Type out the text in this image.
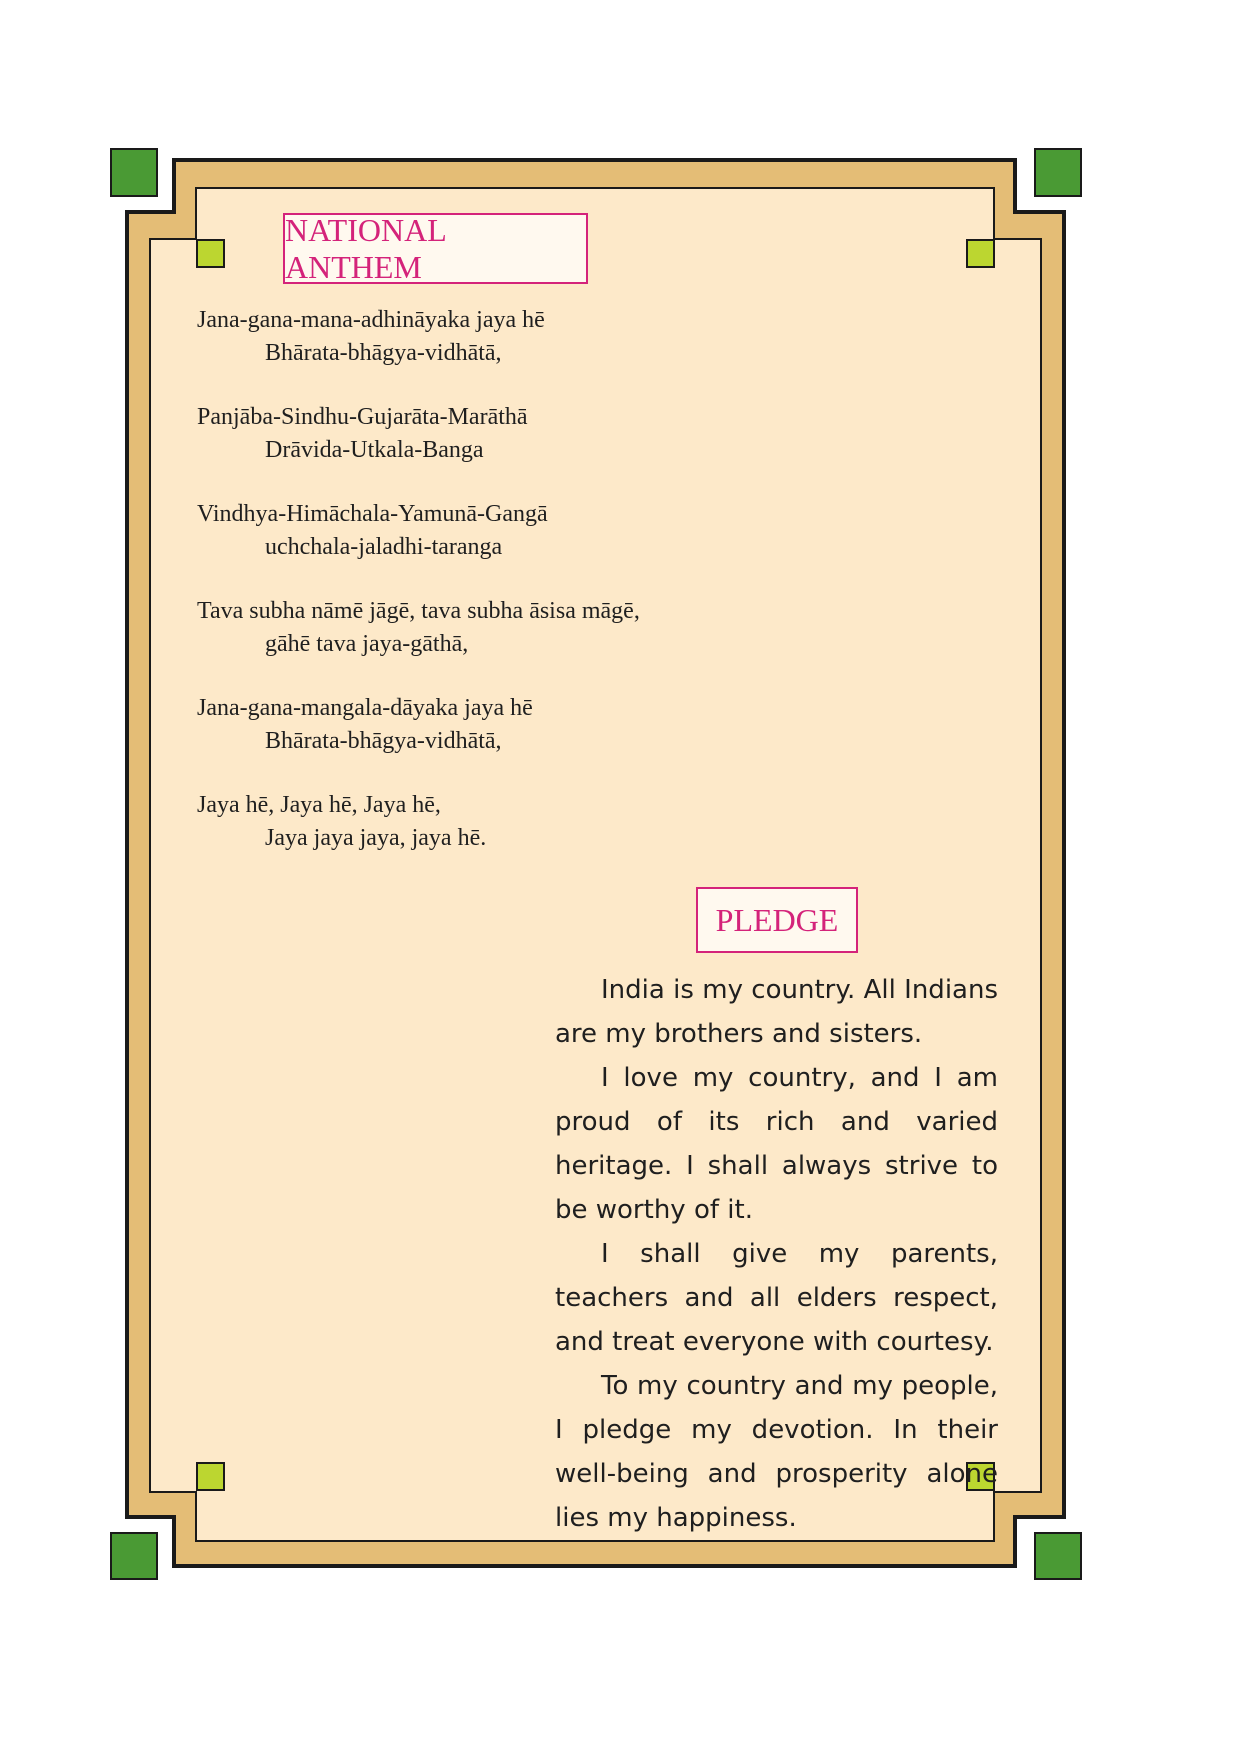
NATIONAL ANTHEM
Jana-gana-mana-adhināyaka jaya hē
Bhārata-bhāgya-vidhātā,
Panjāba-Sindhu-Gujarāta-Marāthā
Drāvida-Utkala-Banga
Vindhya-Himāchala-Yamunā-Gangā
uchchala-jaladhi-taranga
Tava subha nāmē jāgē, tava subha āsisa māgē,
gāhē tava jaya-gāthā,
Jana-gana-mangala-dāyaka jaya hē
Bhārata-bhāgya-vidhātā,
Jaya hē, Jaya hē, Jaya hē,
Jaya jaya jaya, jaya hē.
PLEDGE

India is my country. All Indians are my brothers and sisters.

I love my country, and I am proud of its rich and varied heritage. I shall always strive to be worthy of it.

I shall give my parents, teachers and all elders respect, and treat everyone with courtesy.

To my country and my people, I pledge my devotion. In their well-being and prosperity alone lies my happiness.
